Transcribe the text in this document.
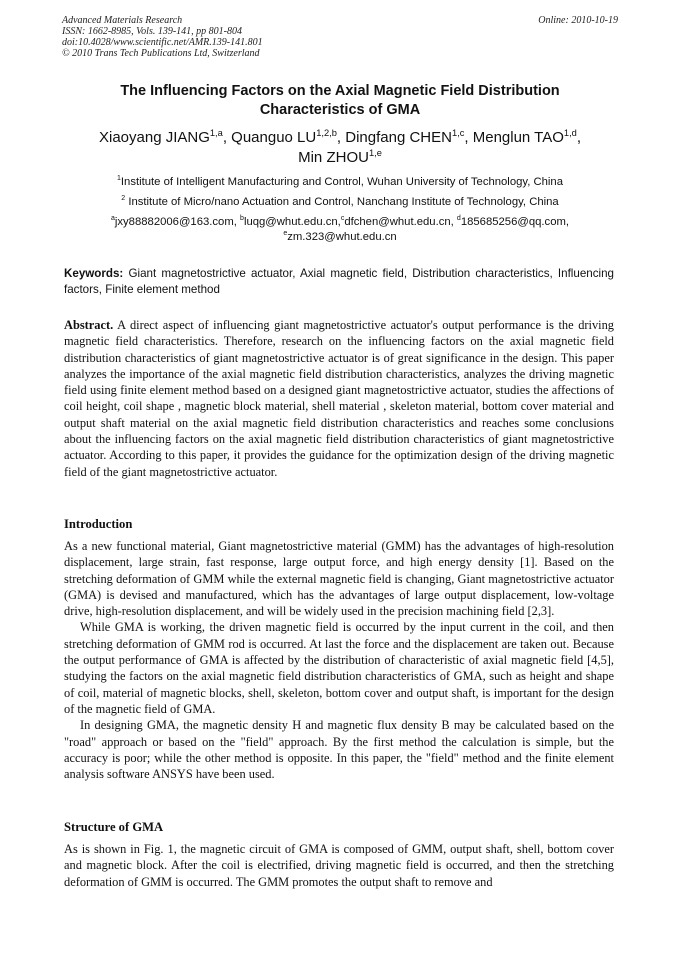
Advanced Materials Research
ISSN: 1662-8985, Vols. 139-141, pp 801-804
doi:10.4028/www.scientific.net/AMR.139-141.801
© 2010 Trans Tech Publications Ltd, Switzerland
Online: 2010-10-19
The Influencing Factors on the Axial Magnetic Field Distribution
Characteristics of GMA
Xiaoyang JIANG$^{1,a}$, Quanguo LU$^{1,2,b}$, Dingfang CHEN$^{1,c}$, Menglun TAO$^{1,d}$,
Min ZHOU$^{1,e}$
$^1$Institute of Intelligent Manufacturing and Control, Wuhan University of Technology, China
$^2$ Institute of Micro/nano Actuation and Control, Nanchang Institute of Technology, China
$^a$jxy88882006@163.com, $^b$luqg@whut.edu.cn,$^c$dfchen@whut.edu.cn, $^d$185685256@qq.com,
$^e$zm.323@whut.edu.cn
Keywords: Giant magnetostrictive actuator, Axial magnetic field, Distribution characteristics, Influencing factors, Finite element method
Abstract. A direct aspect of influencing giant magnetostrictive actuator's output performance is the driving magnetic field characteristics. Therefore, research on the influencing factors on the axial magnetic field distribution characteristics of giant magnetostrictive actuator is of great significance in the design. This paper analyzes the importance of the axial magnetic field distribution characteristics, analyzes the driving magnetic field using finite element method based on a designed giant magnetostrictive actuator, studies the affections of coil height, coil shape , magnetic block material, shell material , skeleton material, bottom cover material and output shaft material on the axial magnetic field distribution characteristics and reaches some conclusions about the influencing factors on the axial magnetic field distribution characteristics of giant magnetostrictive actuator. According to this paper, it provides the guidance for the optimization design of the driving magnetic field of the giant magnetostrictive actuator.
Introduction

As a new functional material, Giant magnetostrictive material (GMM) has the advantages of high-resolution displacement, large strain, fast response, large output force, and high energy density [1]. Based on the stretching deformation of GMM while the external magnetic field is changing, Giant magnetostrictive actuator (GMA) is devised and manufactured, which has the advantages of large output displacement, low-voltage drive, high-resolution displacement, and will be widely used in the precision machining field [2,3].

While GMA is working, the driven magnetic field is occurred by the input current in the coil, and then stretching deformation of GMM rod is occurred. At last the force and the displacement are taken out. Because the output performance of GMA is affected by the distribution of characteristic of axial magnetic field [4,5], studying the factors on the axial magnetic field distribution characteristics of GMA, such as height and shape of coil, material of magnetic blocks, shell, skeleton, bottom cover and output shaft, is important for the design of the magnetic field of GMA.

In designing GMA, the magnetic density H and magnetic flux density B may be calculated based on the "road" approach or based on the "field" approach. By the first method the calculation is simple, but the accuracy is poor; while the other method is opposite. In this paper, the "field" method and the finite element analysis software ANSYS have been used.

Structure of GMA

As is shown in Fig. 1, the magnetic circuit of GMA is composed of GMM, output shaft, shell, bottom cover and magnetic block. After the coil is electrified, driving magnetic field is occurred, and then the stretching deformation of GMM is occurred. The GMM promotes the output shaft to remove and
